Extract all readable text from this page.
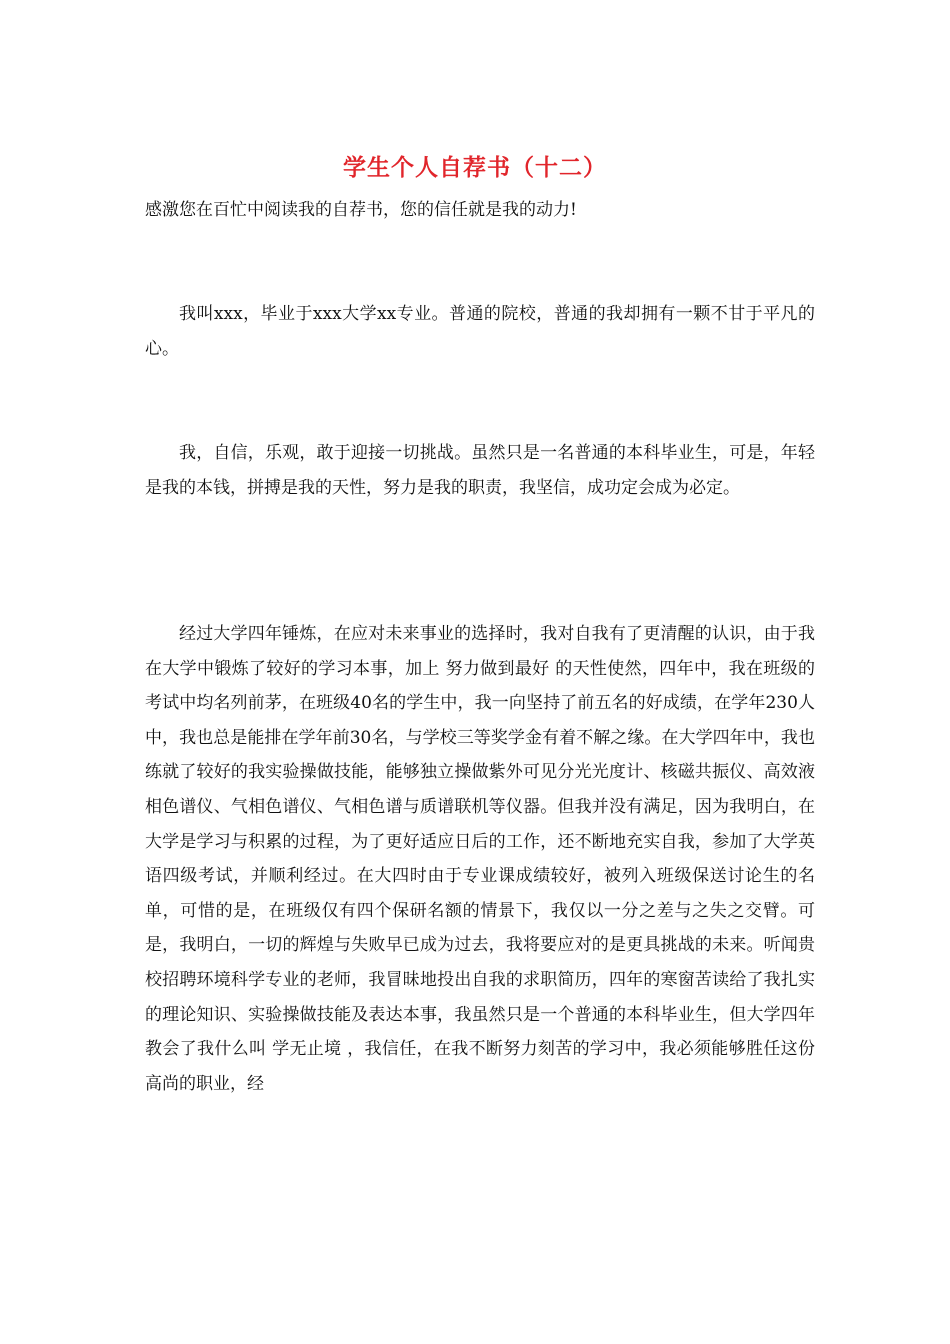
学生个人自荐书（十二）
感激您在百忙中阅读我的自荐书，您的信任就是我的动力!
我叫xxx，毕业于xxx大学xx专业。普通的院校，普通的我却拥有一颗不甘于平凡的心。
我，自信，乐观，敢于迎接一切挑战。虽然只是一名普通的本科毕业生，可是，年轻是我的本钱，拼搏是我的天性，努力是我的职责，我坚信，成功定会成为必定。
经过大学四年锤炼，在应对未来事业的选择时，我对自我有了更清醒的认识，由于我在大学中锻炼了较好的学习本事，加上 努力做到最好 的天性使然，四年中，我在班级的考试中均名列前茅，在班级40名的学生中，我一向坚持了前五名的好成绩，在学年230人中，我也总是能排在学年前30名，与学校三等奖学金有着不解之缘。在大学四年中，我也练就了较好的我实验操做技能，能够独立操做紫外可见分光光度计、核磁共振仪、高效液相色谱仪、气相色谱仪、气相色谱与质谱联机等仪器。但我并没有满足，因为我明白，在大学是学习与积累的过程，为了更好适应日后的工作，还不断地充实自我，参加了大学英语四级考试，并顺利经过。在大四时由于专业课成绩较好，被列入班级保送讨论生的名单，可惜的是，在班级仅有四个保研名额的情景下，我仅以一分之差与之失之交臂。可是，我明白，一切的辉煌与失败早已成为过去，我将要应对的是更具挑战的未来。听闻贵校招聘环境科学专业的老师，我冒昧地投出自我的求职简历，四年的寒窗苦读给了我扎实的理论知识、实验操做技能及表达本事，我虽然只是一个普通的本科毕业生，但大学四年教会了我什么叫 学无止境 ，我信任，在我不断努力刻苦的学习中，我必须能够胜任这份高尚的职业，经
